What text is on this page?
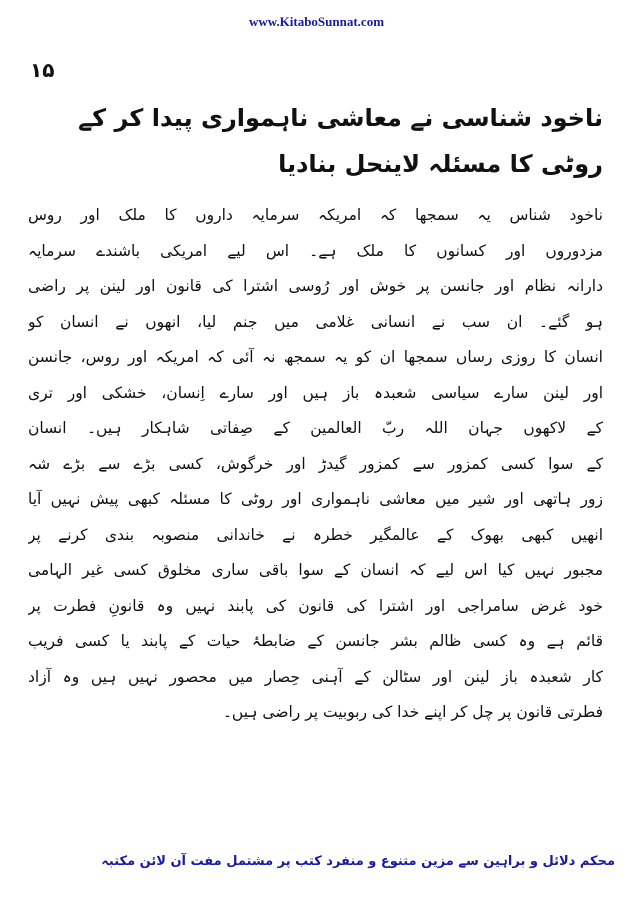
www.KitaboSunnat.com
۱۵
ناخود شناسی نے معاشی ناہمواری پیدا کر کے روٹی کا مسئلہ لاینحل بنادیا
ناخود شناس یہ سمجھا کہ امریکہ سرمایہ داروں کا ملک اور روس
مزدوروں اور کسانوں کا ملک ہے۔ اس لیے امریکی باشندے سرمایہ
دارانہ نظام اور جانسن پر خوش اور رُوسی اشترا کی قانون اور لینن پر راضی
ہو گئے۔ ان سب نے انسانی غلامی میں جنم لیا، انھوں نے انسان کو
انسان کا روزی رساں سمجھا ان کو یہ سمجھ نہ آئی کہ امریکہ اور روس، جانسن
اور لینن سارے سیاسی شعبدہ باز ہیں اور سارے اِنسان، خشکی اور تری
کے لاکھوں جہان اللہ ربّ العالمین کے صِفاتی شاہکار ہیں۔ انسان
کے سوا کسی کمزور سے کمزور گیدڑ اور خرگوش، کسی بڑے سے بڑے شہ
زور ہاتھی اور شیر میں معاشی ناہمواری اور روٹی کا مسئلہ کبھی پیش نہیں آیا
انھیں کبھی بھوک کے عالمگیر خطرہ نے خاندانی منصوبہ بندی کرنے پر
مجبور نہیں کیا اس لیے کہ انسان کے سوا باقی ساری مخلوق کسی غیر الہامی
خود غرض سامراجی اور اشترا کی قانون کی پابند نہیں وہ قانونِ فطرت پر
قائم ہے وہ کسی ظالم بشر جانسن کے ضابطۂ حیات کے پابند یا کسی فریب
کار شعبدہ باز لینن اور سٹالن کے آہنی حِصار میں محصور نہیں ہیں وہ آزاد
فطرتی قانون پر چل کر اپنے خدا کی ربوبیت پر راضی ہیں۔
محکم دلائل و براہین سے مزین متنوع و منفرد کتب پر مشتمل مفت آن لائن مکتبہ
